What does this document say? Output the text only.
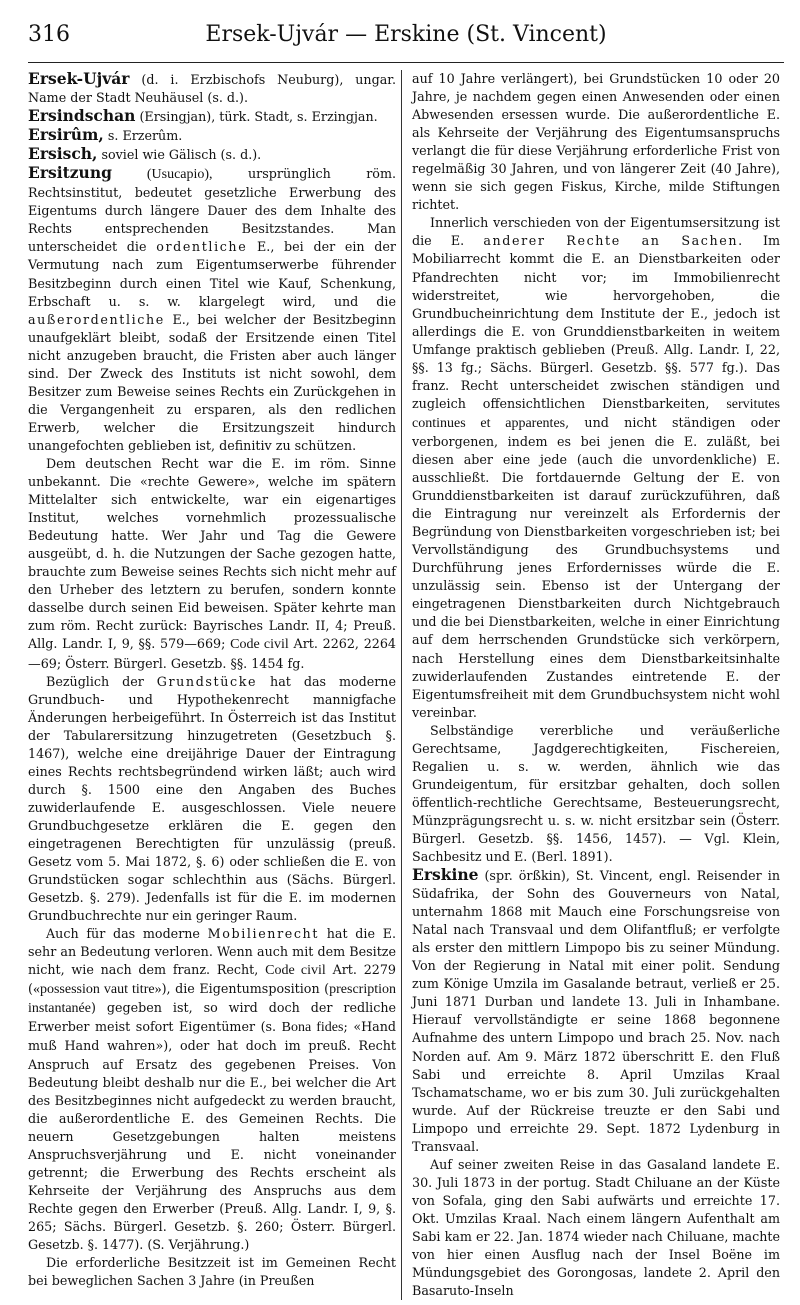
316	Ersek-Ujvár — Erskine (St. Vincent)

Ersek-Ujvár (d. i. Erzbischofs Neuburg), ungar. Name der Stadt Neuhäusel (s. d.).

Ersindschan (Ersingjan), türk. Stadt, s. Erzingjan.

Ersirûm, s. Erzerûm.

Ersisch, soviel wie Gälisch (s. d.).

Ersitzung (Usucapio), ursprünglich röm. Rechtsinstitut, bedeutet gesetzliche Erwerbung des Eigentums durch längere Dauer des dem Inhalte des Rechts entsprechenden Besitzstandes. Man unterscheidet die ordentliche E., bei der ein der Vermutung nach zum Eigentumserwerbe führender Besitzbeginn durch einen Titel wie Kauf, Schenkung, Erbschaft u. s. w. klargelegt wird, und die außerordentliche E., bei welcher der Besitzbeginn unaufgeklärt bleibt, sodaß der Ersitzende einen Titel nicht anzugeben braucht, die Fristen aber auch länger sind. Der Zweck des Instituts ist nicht sowohl, dem Besitzer zum Beweise seines Rechts ein Zurückgehen in die Vergangenheit zu ersparen, als den redlichen Erwerb, welcher die Ersitzungszeit hindurch unangefochten geblieben ist, definitiv zu schützen.

Dem deutschen Recht war die E. im röm. Sinne unbekannt. Die «rechte Gewere», welche im spätern Mittelalter sich entwickelte, war ein eigenartiges Institut, welches vornehmlich prozessualische Bedeutung hatte. Wer Jahr und Tag die Gewere ausgeübt, d. h. die Nutzungen der Sache gezogen hatte, brauchte zum Beweise seines Rechts sich nicht mehr auf den Urheber des letztern zu berufen, sondern konnte dasselbe durch seinen Eid beweisen. Später kehrte man zum röm. Recht zurück: Bayrisches Landr. II, 4; Preuß. Allg. Landr. I, 9, §§. 579—669; Code civil Art. 2262, 2264—69; Österr. Bürgerl. Gesetzb. §§. 1454 fg.

Bezüglich der Grundstücke hat das moderne Grundbuch- und Hypothekenrecht mannigfache Änderungen herbeigeführt. In Österreich ist das Institut der Tabularersitzung hinzugetreten (Gesetzbuch §. 1467), welche eine dreijährige Dauer der Eintragung eines Rechts rechtsbegründend wirken läßt; auch wird durch §. 1500 eine den Angaben des Buches zuwiderlaufende E. ausgeschlossen. Viele neuere Grundbuchgesetze erklären die E. gegen den eingetragenen Berechtigten für unzulässig (preuß. Gesetz vom 5. Mai 1872, §. 6) oder schließen die E. von Grundstücken sogar schlechthin aus (Sächs. Bürgerl. Gesetzb. §. 279). Jedenfalls ist für die E. im modernen Grundbuchrechte nur ein geringer Raum.

Auch für das moderne Mobilienrecht hat die E. sehr an Bedeutung verloren. Wenn auch mit dem Besitze nicht, wie nach dem franz. Recht, Code civil Art. 2279 («possession vaut titre»), die Eigentumsposition (prescription instantanée) gegeben ist, so wird doch der redliche Erwerber meist sofort Eigentümer (s. Bona fides; «Hand muß Hand wahren»), oder hat doch im preuß. Recht Anspruch auf Ersatz des gegebenen Preises. Von Bedeutung bleibt deshalb nur die E., bei welcher die Art des Besitzbeginnes nicht aufgedeckt zu werden braucht, die außerordentliche E. des Gemeinen Rechts. Die neuern Gesetzgebungen halten meistens Anspruchsverjährung und E. nicht voneinander getrennt; die Erwerbung des Rechts erscheint als Kehrseite der Verjährung des Anspruchs aus dem Rechte gegen den Erwerber (Preuß. Allg. Landr. I, 9, §. 265; Sächs. Bürgerl. Gesetzb. §. 260; Österr. Bürgerl. Gesetzb. §. 1477). (S. Verjährung.)

Die erforderliche Besitzzeit ist im Gemeinen Recht bei beweglichen Sachen 3 Jahre (in Preußen

auf 10 Jahre verlängert), bei Grundstücken 10 oder 20 Jahre, je nachdem gegen einen Anwesenden oder einen Abwesenden ersessen wurde. Die außerordentliche E. als Kehrseite der Verjährung des Eigentumsanspruchs verlangt die für diese Verjährung erforderliche Frist von regelmäßig 30 Jahren, und von längerer Zeit (40 Jahre), wenn sie sich gegen Fiskus, Kirche, milde Stiftungen richtet.

Innerlich verschieden von der Eigentumsersitzung ist die E. anderer Rechte an Sachen. Im Mobiliarrecht kommt die E. an Dienstbarkeiten oder Pfandrechten nicht vor; im Immobilienrecht widerstreitet, wie hervorgehoben, die Grundbucheinrichtung dem Institute der E., jedoch ist allerdings die E. von Grunddienstbarkeiten in weitem Umfange praktisch geblieben (Preuß. Allg. Landr. I, 22, §§. 13 fg.; Sächs. Bürgerl. Gesetzb. §§. 577 fg.). Das franz. Recht unterscheidet zwischen ständigen und zugleich offensichtlichen Dienstbarkeiten, servitutes continues et apparentes, und nicht ständigen oder verborgenen, indem es bei jenen die E. zuläßt, bei diesen aber eine jede (auch die unvordenkliche) E. ausschließt. Die fortdauernde Geltung der E. von Grunddienstbarkeiten ist darauf zurückzuführen, daß die Eintragung nur vereinzelt als Erfordernis der Begründung von Dienstbarkeiten vorgeschrieben ist; bei Vervollständigung des Grundbuchsystems und Durchführung jenes Erfordernisses würde die E. unzulässig sein. Ebenso ist der Untergang der eingetragenen Dienstbarkeiten durch Nichtgebrauch und die bei Dienstbarkeiten, welche in einer Einrichtung auf dem herrschenden Grundstücke sich verkörpern, nach Herstellung eines dem Dienstbarkeitsinhalte zuwiderlaufenden Zustandes eintretende E. der Eigentumsfreiheit mit dem Grundbuchsystem nicht wohl vereinbar.

Selbständige vererbliche und veräußerliche Gerechtsame, Jagdgerechtigkeiten, Fischereien, Regalien u. s. w. werden, ähnlich wie das Grundeigentum, für ersitzbar gehalten, doch sollen öffentlich-rechtliche Gerechtsame, Besteuerungsrecht, Münzprägungsrecht u. s. w. nicht ersitzbar sein (Österr. Bürgerl. Gesetzb. §§. 1456, 1457). — Vgl. Klein, Sachbesitz und E. (Berl. 1891).

Erskine (spr. örßkin), St. Vincent, engl. Reisender in Südafrika, der Sohn des Gouverneurs von Natal, unternahm 1868 mit Mauch eine Forschungsreise von Natal nach Transvaal und dem Olifantfluß; er verfolgte als erster den mittlern Limpopo bis zu seiner Mündung. Von der Regierung in Natal mit einer polit. Sendung zum Könige Umzila im Gasalande betraut, verließ er 25. Juni 1871 Durban und landete 13. Juli in Inhambane. Hierauf vervollständigte er seine 1868 begonnene Aufnahme des untern Limpopo und brach 25. Nov. nach Norden auf. Am 9. März 1872 überschritt E. den Fluß Sabi und erreichte 8. April Umzilas Kraal Tschamatschame, wo er bis zum 30. Juli zurückgehalten wurde. Auf der Rückreise treuzte er den Sabi und Limpopo und erreichte 29. Sept. 1872 Lydenburg in Transvaal.

Auf seiner zweiten Reise in das Gasaland landete E. 30. Juli 1873 in der portug. Stadt Chiluane an der Küste von Sofala, ging den Sabi aufwärts und erreichte 17. Okt. Umzilas Kraal. Nach einem längern Aufenthalt am Sabi kam er 22. Jan. 1874 wieder nach Chiluane, machte von hier einen Ausflug nach der Insel Boëne im Mündungsgebiet des Gorongosas, landete 2. April den Basaruto-Inseln
